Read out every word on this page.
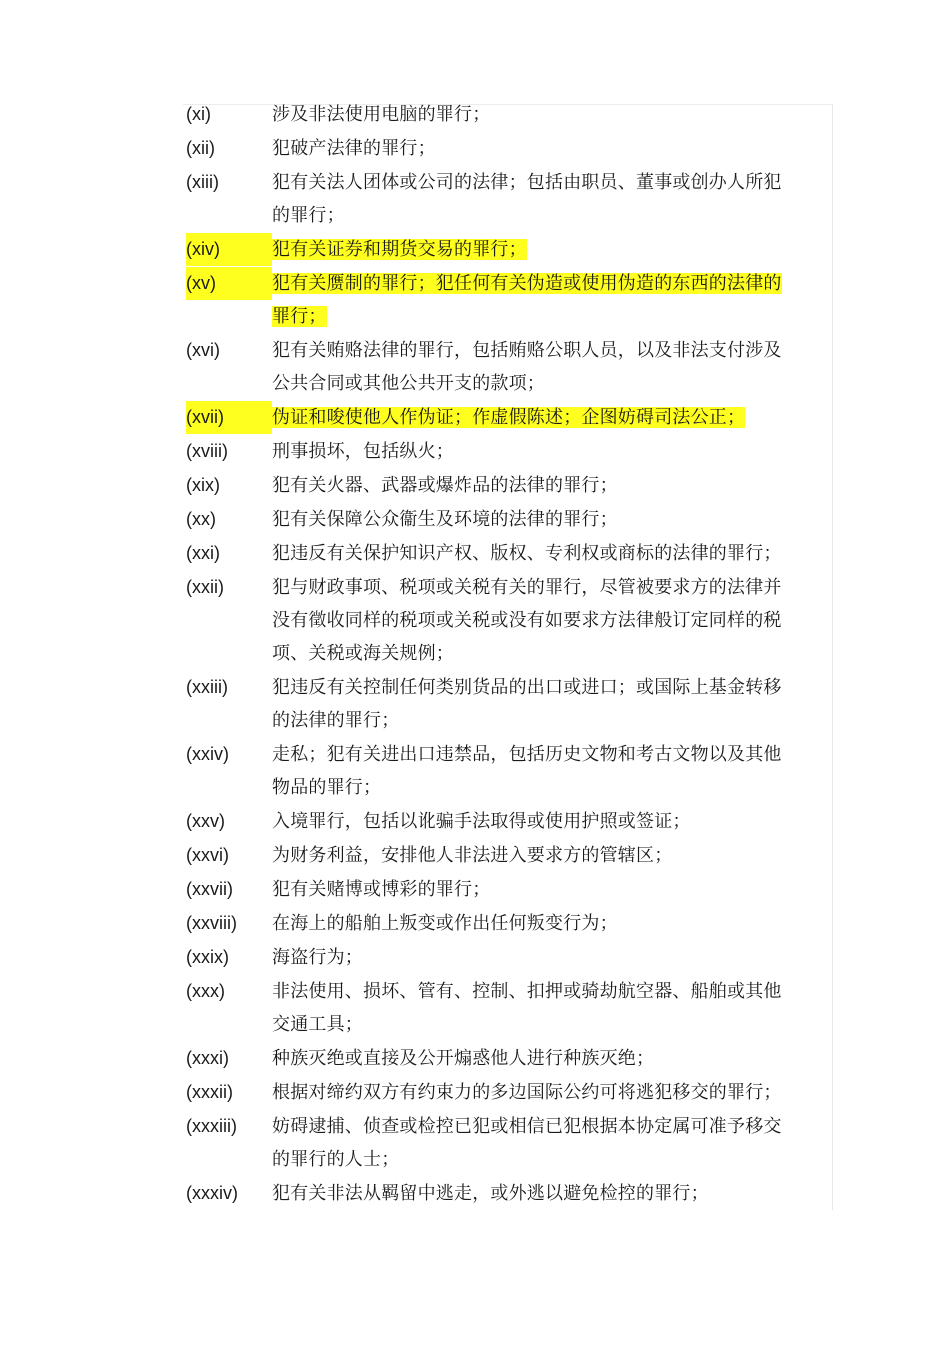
(xi)	涉及非法使用电脑的罪行；
(xii)	犯破产法律的罪行；
(xiii)	犯有关法人团体或公司的法律；包括由职员、董事或创办人所犯的罪行；
(xiv)	犯有关证券和期货交易的罪行；
(xv)	犯有关赝制的罪行；犯任何有关伪造或使用伪造的东西的法律的罪行；
(xvi)	犯有关贿赂法律的罪行，包括贿赂公职人员，以及非法支付涉及公共合同或其他公共开支的款项；
(xvii)	伪证和唆使他人作伪证；作虚假陈述；企图妨碍司法公正；
(xviii)	刑事损坏，包括纵火；
(xix)	犯有关火器、武器或爆炸品的法律的罪行；
(xx)	犯有关保障公众衞生及环境的法律的罪行；
(xxi)	犯违反有关保护知识产权、版权、专利权或商标的法律的罪行；
(xxii)	犯与财政事项、税项或关税有关的罪行，尽管被要求方的法律并没有徵收同样的税项或关税或没有如要求方法律般订定同样的税项、关税或海关规例；
(xxiii)	犯违反有关控制任何类别货品的出口或进口；或国际上基金转移的法律的罪行；
(xxiv)	走私；犯有关进出口违禁品，包括历史文物和考古文物以及其他物品的罪行；
(xxv)	入境罪行，包括以讹骗手法取得或使用护照或签证；
(xxvi)	为财务利益，安排他人非法进入要求方的管辖区；
(xxvii)	犯有关赌博或博彩的罪行；
(xxviii)	在海上的船舶上叛变或作出任何叛变行为；
(xxix)	海盗行为；
(xxx)	非法使用、损坏、管有、控制、扣押或骑劫航空器、船舶或其他交通工具；
(xxxi)	种族灭绝或直接及公开煽惑他人进行种族灭绝；
(xxxii)	根据对缔约双方有约束力的多边国际公约可将逃犯移交的罪行；
(xxxiii)	妨碍逮捕、侦查或检控已犯或相信已犯根据本协定属可准予移交的罪行的人士；
(xxxiv)	犯有关非法从羁留中逃走，或外逃以避免检控的罪行；
